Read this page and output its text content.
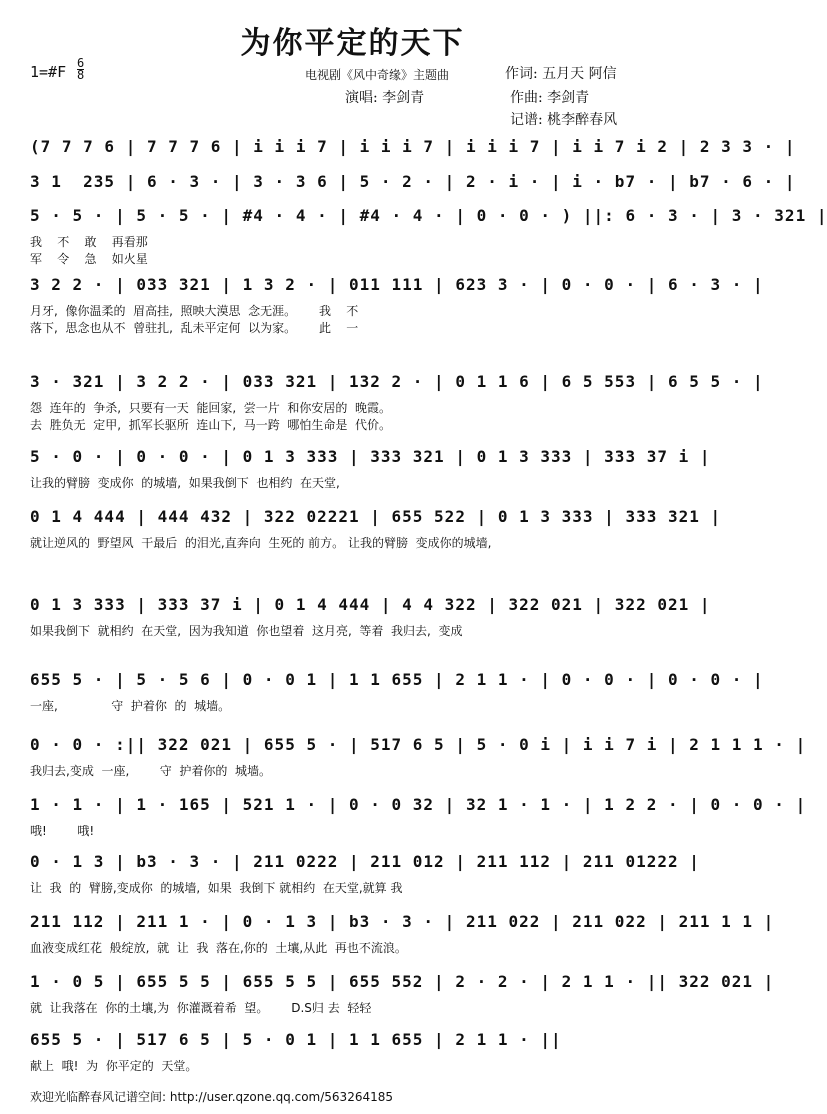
为你平定的天下
1=#F 6
8	电视剧《风中奇缘》主题曲	作词: 五月天 阿信
演唱: 李剑青	作曲: 李剑青
记谱: 桃李醉春风
(7 7 7 6 | 7 7 7 6 | i i i 7 | i i i 7 | i i i 7 | i i 7 i 2 | 2 3 3 · |
3 1  235 | 6 · 3 · | 3 · 3 6 | 5 · 2 · | 2 · i · | i · b7 · | b7 · 6 · |
5 · 5 · | 5 · 5 · | #4 · 4 · | #4 · 4 · | 0 · 0 · ) ||: 6 · 3 · | 3 · 321 |
我    不    敢    再看那
军    令    急    如火星
3 2 2 · | 033 321 | 1 3 2 · | 011 111 | 623 3 · | 0 · 0 · | 6 · 3 · |
月牙,  像你温柔的  眉高挂,  照映大漠思  念无涯。      我    不
落下,  思念也从不  曾驻扎,  乱未平定何  以为家。      此    一
3 · 321 | 3 2 2 · | 033 321 | 132 2 · | 0 1 1 6 | 6 5 553 | 6 5 5 · |
怨  连年的  争杀,  只要有一天  能回家,  尝一片  和你安居的  晚霞。
去  胜负无  定甲,  抓军长驱所  连山下,  马一跨  哪怕生命是  代价。
5 · 0 · | 0 · 0 · | 0 1 3 333 | 333 321 | 0 1 3 333 | 333 37 i |
让我的臂膀  变成你  的城墙,  如果我倒下  也相约  在天堂,
0 1 4 444 | 444 432 | 322 02221 | 655 522 | 0 1 3 333 | 333 321 |
就让逆风的  野望风  干最后  的泪光,直奔向  生死的 前方。 让我的臂膀  变成你的城墙,
0 1 3 333 | 333 37 i | 0 1 4 444 | 4 4 322 | 322 021 | 322 021 |
如果我倒下  就相约  在天堂,  因为我知道  你也望着  这月亮,  等着  我归去,  变成
655 5 · | 5 · 5 6 | 0 · 0 1 | 1 1 655 | 2 1 1 · | 0 · 0 · | 0 · 0 · |
一座,              守  护着你  的  城墙。
0 · 0 · :|| 322 021 | 655 5 · | 517 6 5 | 5 · 0 i | i i 7 i | 2 1 1 1 · |
我归去,变成  一座,        守  护着你的  城墙。
1 · 1 · | 1 · 165 | 521 1 · | 0 · 0 32 | 32 1 · 1 · | 1 2 2 · | 0 · 0 · |
哦!        哦!
0 · 1 3 | b3 · 3 · | 211 0222 | 211 012 | 211 112 | 211 01222 |
让  我  的  臂膀,变成你  的城墙,  如果  我倒下 就相约  在天堂,就算 我
211 112 | 211 1 · | 0 · 1 3 | b3 · 3 · | 211 022 | 211 022 | 211 1 1 |
血液变成红花  般绽放,  就  让  我  落在,你的  土壤,从此  再也不流浪。
1 · 0 5 | 655 5 5 | 655 5 5 | 655 552 | 2 · 2 · | 2 1 1 · || 322 021 |
就  让我落在  你的土壤,为  你灌溉着希  望。      D.S归 去  轻轻
655 5 · | 517 6 5 | 5 · 0 1 | 1 1 655 | 2 1 1 · ||
献上  哦!  为  你平定的  天堂。
欢迎光临醉春风记谱空间: http://user.qzone.qq.com/563264185
